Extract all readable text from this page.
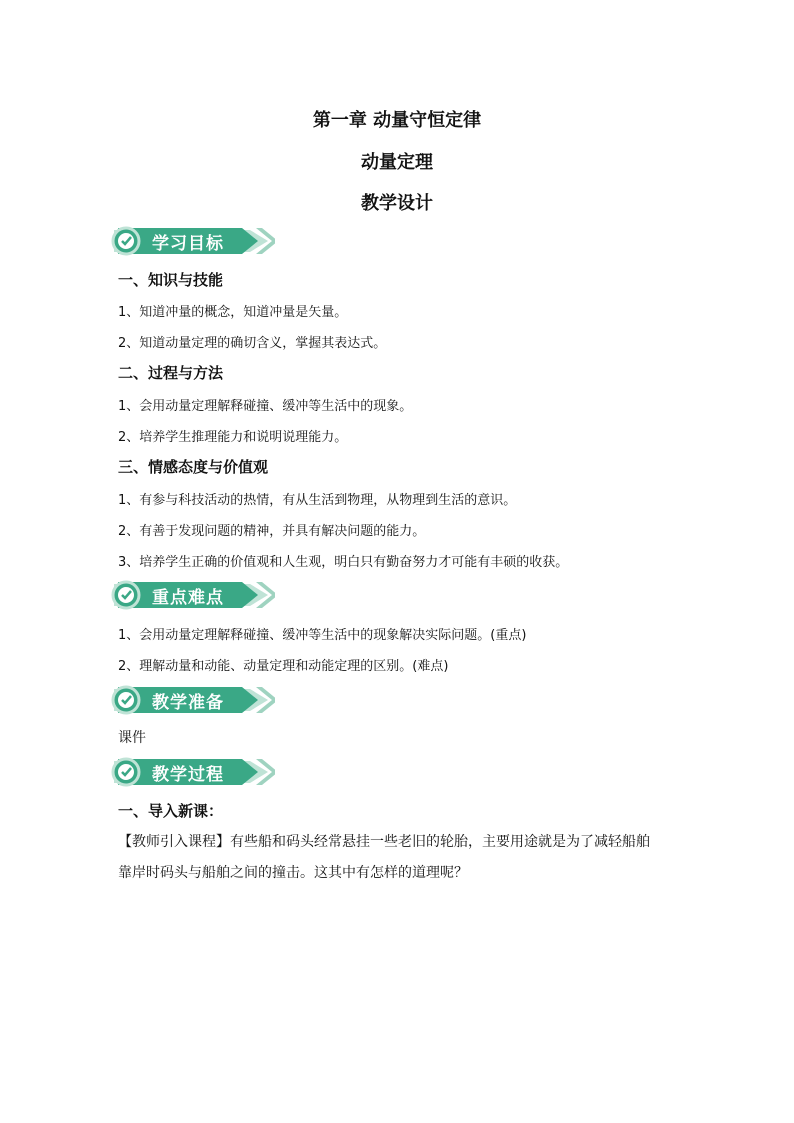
第一章 动量守恒定律
动量定理
教学设计
学习目标
一、知识与技能
1、知道冲量的概念，知道冲量是矢量。
2、知道动量定理的确切含义，掌握其表达式。
二、过程与方法
1、会用动量定理解释碰撞、缓冲等生活中的现象。
2、培养学生推理能力和说明说理能力。
三、情感态度与价值观
1、有参与科技活动的热情，有从生活到物理，从物理到生活的意识。
2、有善于发现问题的精神，并具有解决问题的能力。
3、培养学生正确的价值观和人生观，明白只有勤奋努力才可能有丰硕的收获。
重点难点
1、会用动量定理解释碰撞、缓冲等生活中的现象解决实际问题。(重点)
2、理解动量和动能、动量定理和动能定理的区别。(难点)
教学准备
课件
教学过程
一、导入新课：
【教师引入课程】有些船和码头经常悬挂一些老旧的轮胎，主要用途就是为了减轻船舶
靠岸时码头与船舶之间的撞击。这其中有怎样的道理呢？
